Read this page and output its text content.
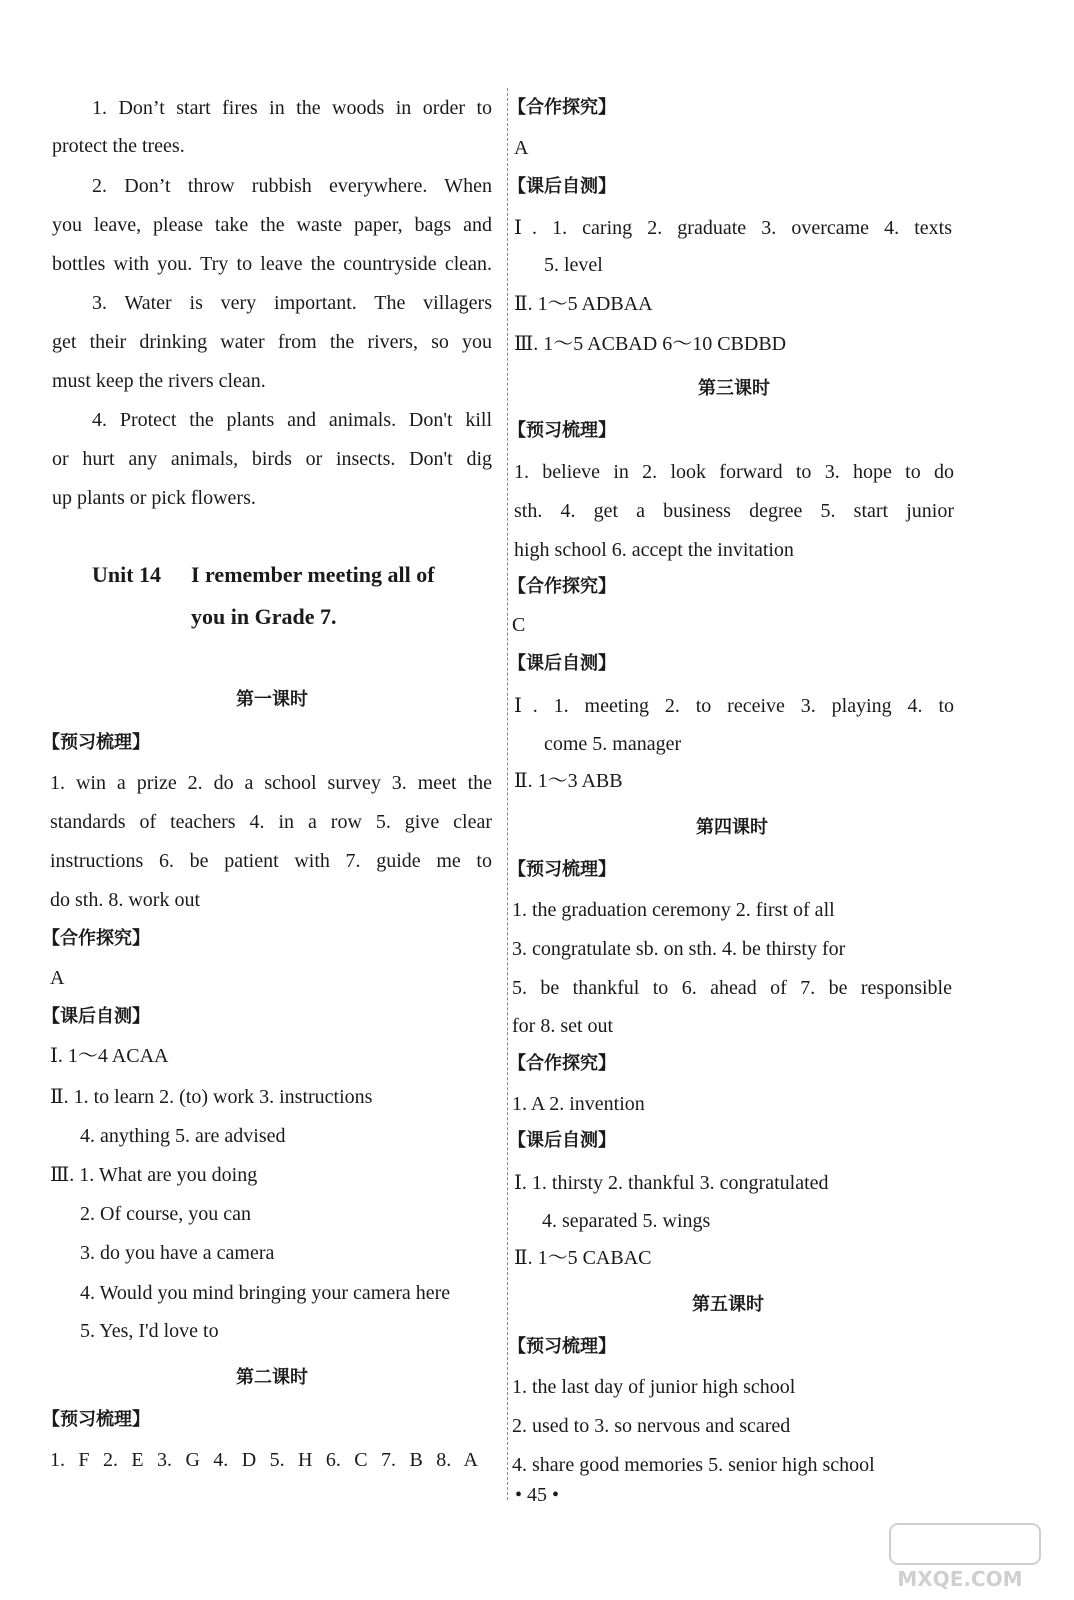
1. Don’t start fires in the woods in order to
protect the trees.
2. Don’t throw rubbish everywhere. When
you leave, please take the waste paper, bags and
bottles with you. Try to leave the countryside clean.
3. Water is very important. The villagers
get their drinking water from the rivers, so you
must keep the rivers clean.
4. Protect the plants and animals. Don't kill
or hurt any animals, birds or insects. Don't dig
up plants or pick flowers.
Unit 14 I remember meeting all of
you in Grade 7.
第一课时
【预习梳理】
1. win a prize 2. do a school survey 3. meet the
standards of teachers 4. in a row 5. give clear
instructions 6. be patient with 7. guide me to
do sth. 8. work out
【合作探究】
A
【课后自测】
Ⅰ. 1～4 ACAA
Ⅱ. 1. to learn 2. (to) work 3. instructions
4. anything 5. are advised
Ⅲ. 1. What are you doing
2. Of course, you can
3. do you have a camera
4. Would you mind bringing your camera here
5. Yes, I'd love to
第二课时
【预习梳理】
1. F 2. E 3. G 4. D 5. H 6. C 7. B 8. A
【合作探究】
A
【课后自测】
Ⅰ. 1. caring 2. graduate 3. overcame 4. texts
5. level
Ⅱ. 1～5 ADBAA
Ⅲ. 1～5 ACBAD 6～10 CBDBD
第三课时
【预习梳理】
1. believe in 2. look forward to 3. hope to do
sth. 4. get a business degree 5. start junior
high school 6. accept the invitation
【合作探究】
C
【课后自测】
Ⅰ. 1. meeting 2. to receive 3. playing 4. to
come 5. manager
Ⅱ. 1～3 ABB
第四课时
【预习梳理】
1. the graduation ceremony 2. first of all
3. congratulate sb. on sth. 4. be thirsty for
5. be thankful to 6. ahead of 7. be responsible
for 8. set out
【合作探究】
1. A 2. invention
【课后自测】
Ⅰ. 1. thirsty 2. thankful 3. congratulated
4. separated 5. wings
Ⅱ. 1～5 CABAC
第五课时
【预习梳理】
1. the last day of junior high school
2. used to 3. so nervous and scared
4. share good memories 5. senior high school
• 45 •
MXQE.COM
